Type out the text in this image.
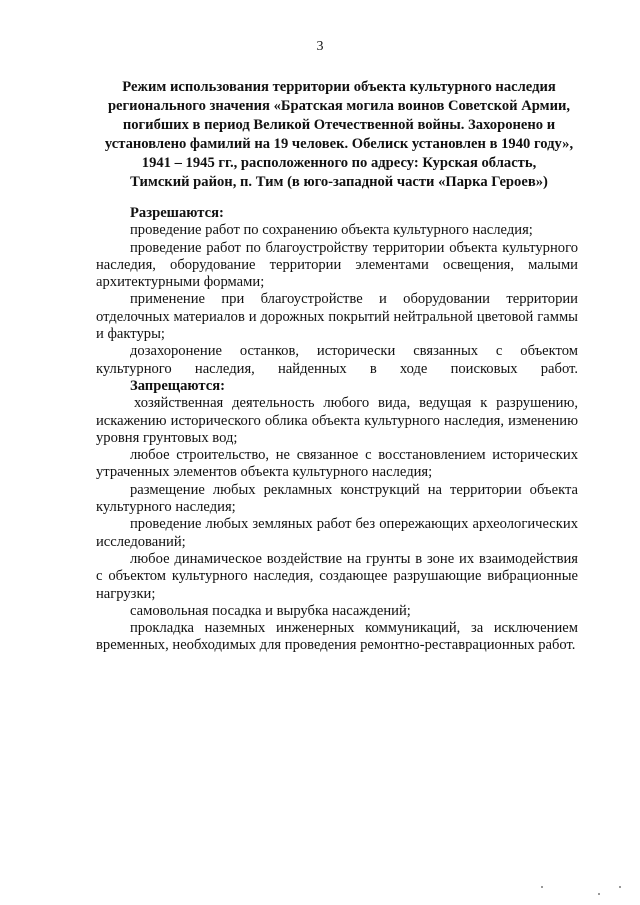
3
Режим использования территории объекта культурного наследия
регионального значения «Братская могила воинов Советской Армии,
погибших в период Великой Отечественной войны. Захоронено и
установлено фамилий на 19 человек. Обелиск установлен в 1940 году»,
1941 – 1945 гг., расположенного по адресу: Курская область,
Тимский район, п. Тим (в юго-западной части «Парка Героев»)

Разрешаются:

проведение работ по сохранению объекта культурного наследия;

проведение работ по благоустройству территории объекта культурного наследия, оборудование территории элементами освещения, малыми архитектурными формами;

применение при благоустройстве и оборудовании территории отделочных материалов и дорожных покрытий нейтральной цветовой гаммы и фактуры;

дозахоронение останков, исторически связанных с объектом культурного наследия, найденных в ходе поисковых работ.

Запрещаются:

хозяйственная деятельность любого вида, ведущая к разрушению, искажению исторического облика объекта культурного наследия, изменению уровня грунтовых вод;

любое строительство, не связанное с восстановлением исторических утраченных элементов объекта культурного наследия;

размещение любых рекламных конструкций на территории объекта культурного наследия;

проведение любых земляных работ без опережающих археологических исследований;

любое динамическое воздействие на грунты в зоне их взаимодействия с объектом культурного наследия, создающее разрушающие вибрационные нагрузки;

самовольная посадка и вырубка насаждений;

прокладка наземных инженерных коммуникаций, за исключением временных, необходимых для проведения ремонтно-реставрационных работ.
